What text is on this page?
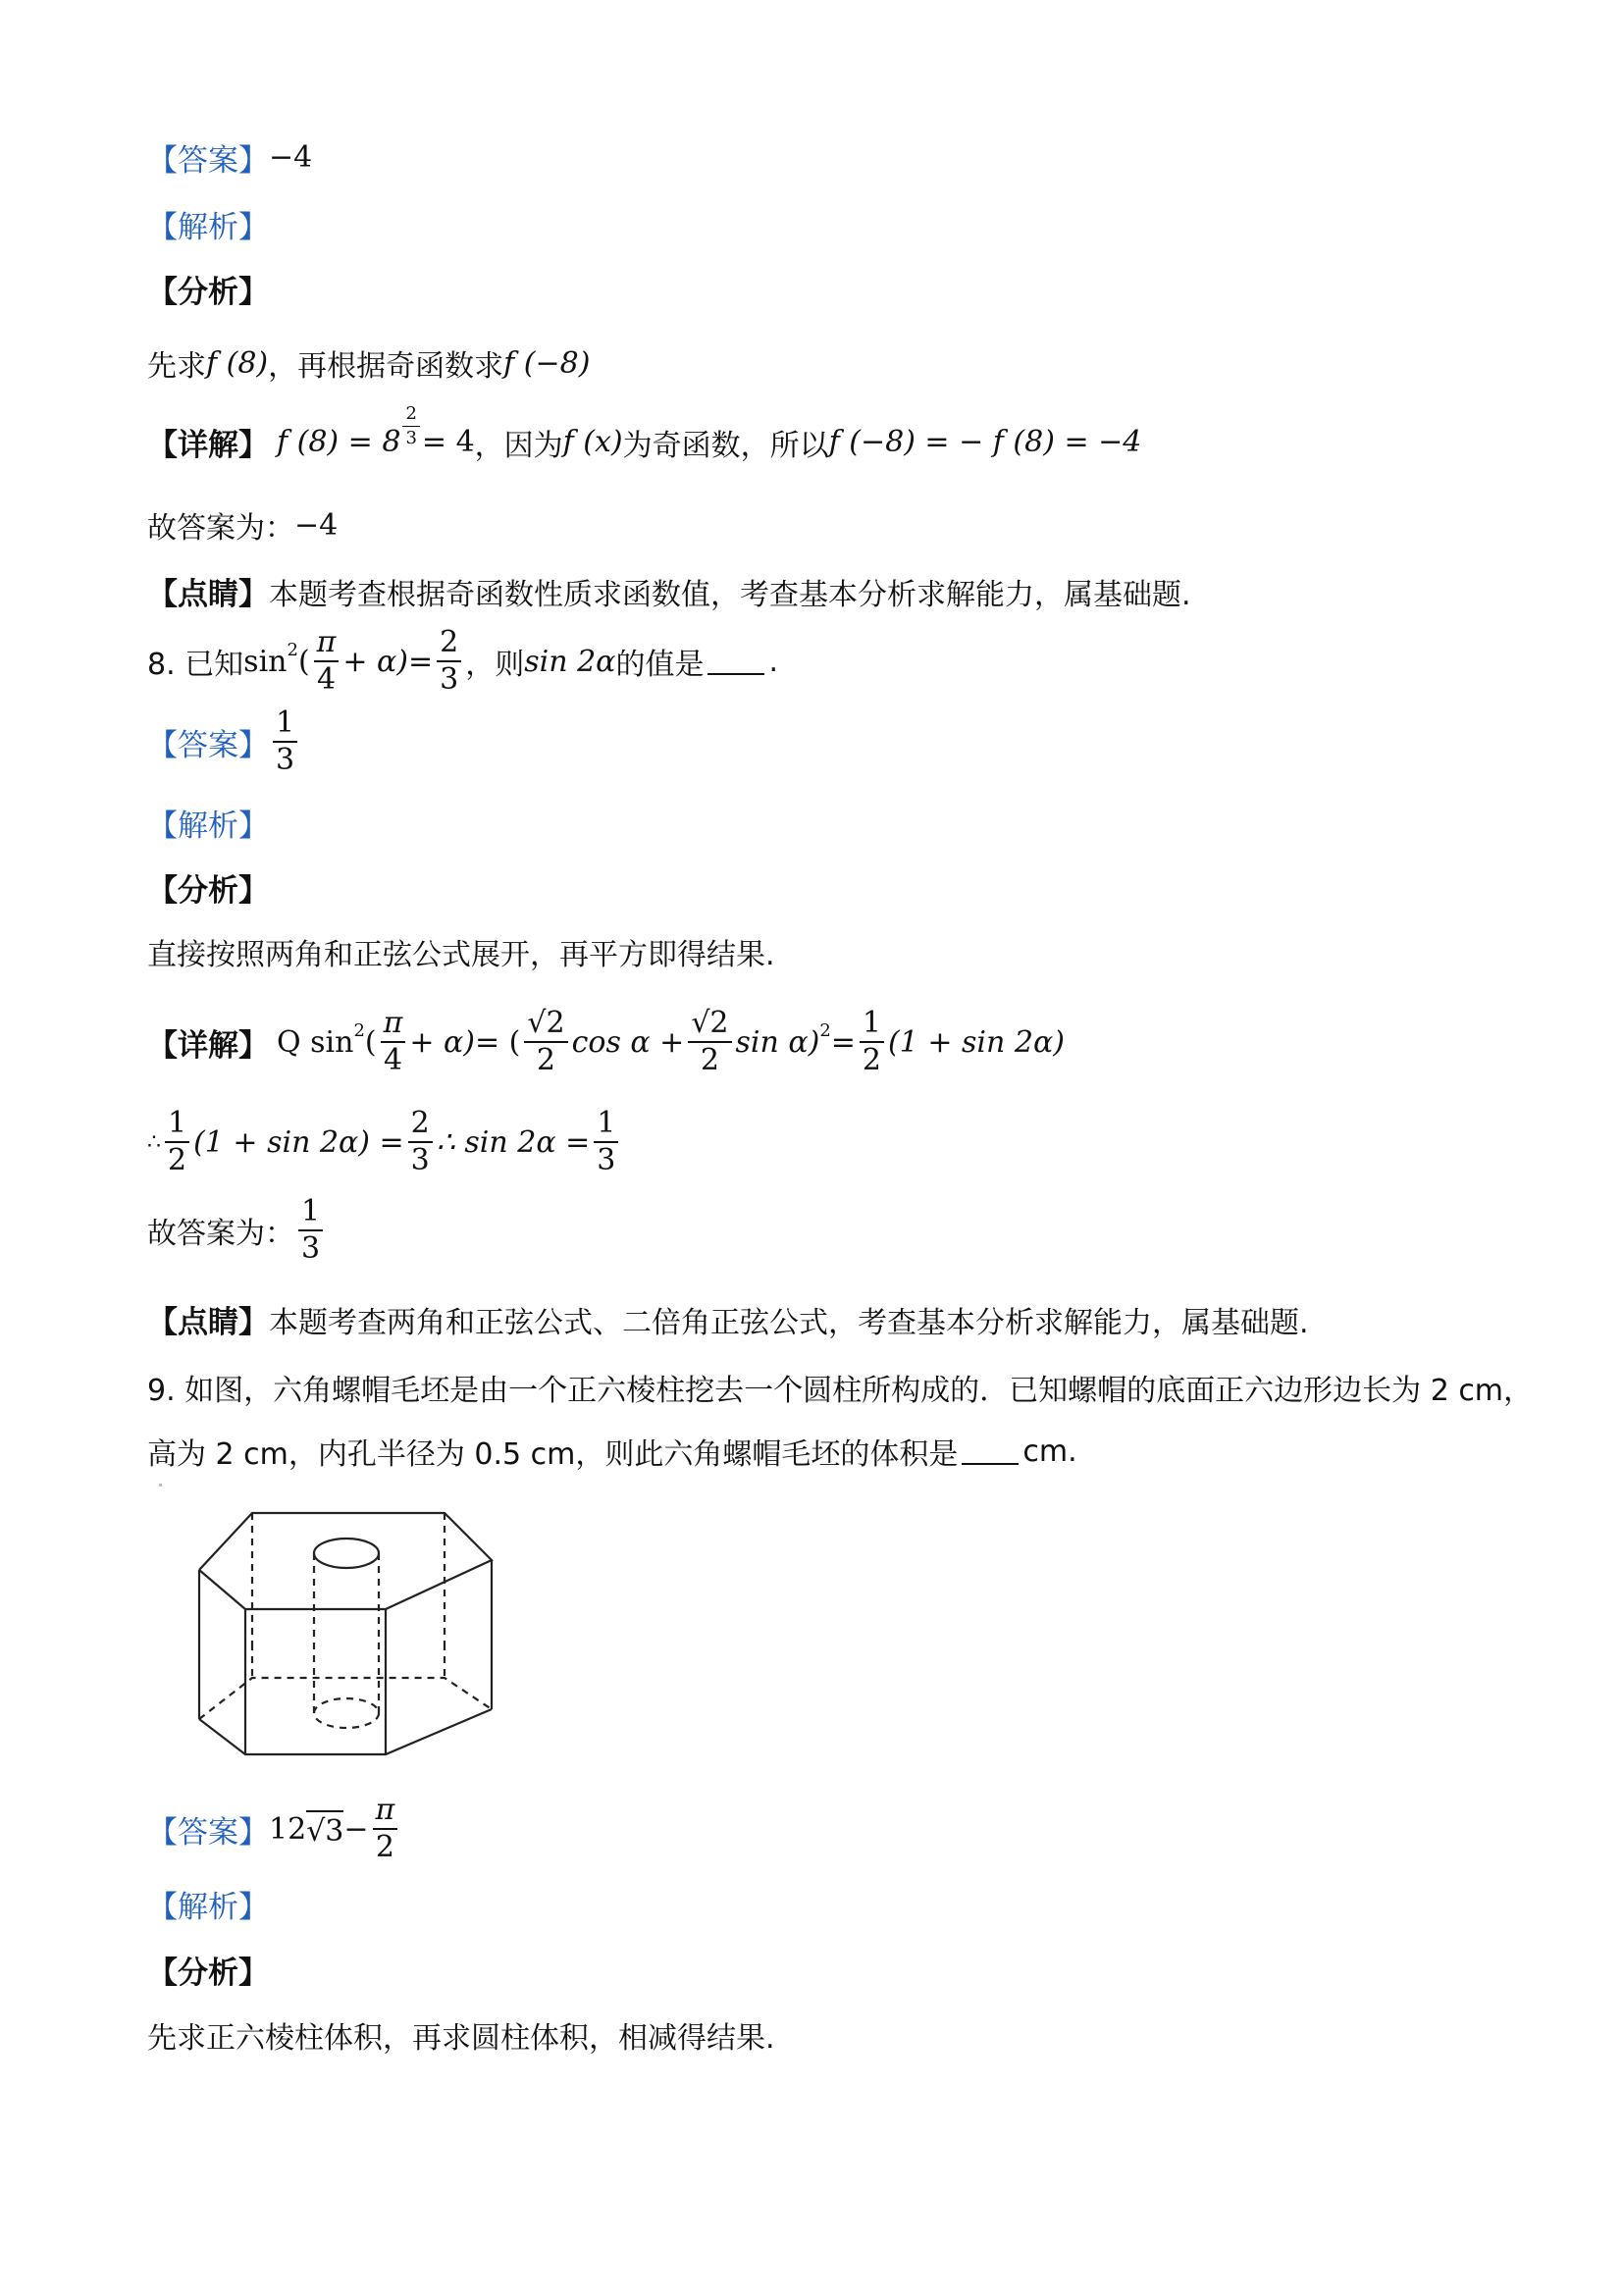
【答案】 −4
【解析】
【分析】
先求 f (8) ，再根据奇函数求 f (−8)
【详解】 f $(8) = 8 \frac{2}{3} = 4$ ，因为 f (x) 为奇函数，所以 f (−8) = − f (8) = −4
故答案为： −4
【点睛】 本题考查根据奇函数性质求函数值，考查基本分析求解能力，属基础题.
8. 已知 sin 2 ( $\frac{\pi}{4} + \alpha) = \frac{2}{3}$ ，则 sin 2α 的值是 .
【答案】 $\frac{1}{3}$
【解析】
【分析】
直接按照两角和正弦公式展开，再平方即得结果.
【详解】 Q sin 2 ( $\frac{\pi}{4} + \alpha$) = ( $\frac{√2}{2}$ $\cos \alpha + \frac{√2}{2}$ sin α) $2 = \frac{1}{2} (1 + \sin 2\alpha)$
∴ $\frac{1}{2} (1 + \sin 2\alpha) = \frac{2}{3}$ ∴ $\sin 2\alpha = \frac{1}{3}$
故答案为： $\frac{1}{3}$
【点睛】 本题考查两角和正弦公式、二倍角正弦公式，考查基本分析求解能力，属基础题.
9. 如图，六角螺帽毛坯是由一个正六棱柱挖去一个圆柱所构成的．已知螺帽的底面正六边形边长为 2 cm，
高为 2 cm，内孔半径为 0.5 cm，则此六角螺帽毛坯的体积是 cm.
【答案】 12 $√3 - \frac{\pi}{2}$
【解析】
【分析】
先求正六棱柱体积，再求圆柱体积，相减得结果.
